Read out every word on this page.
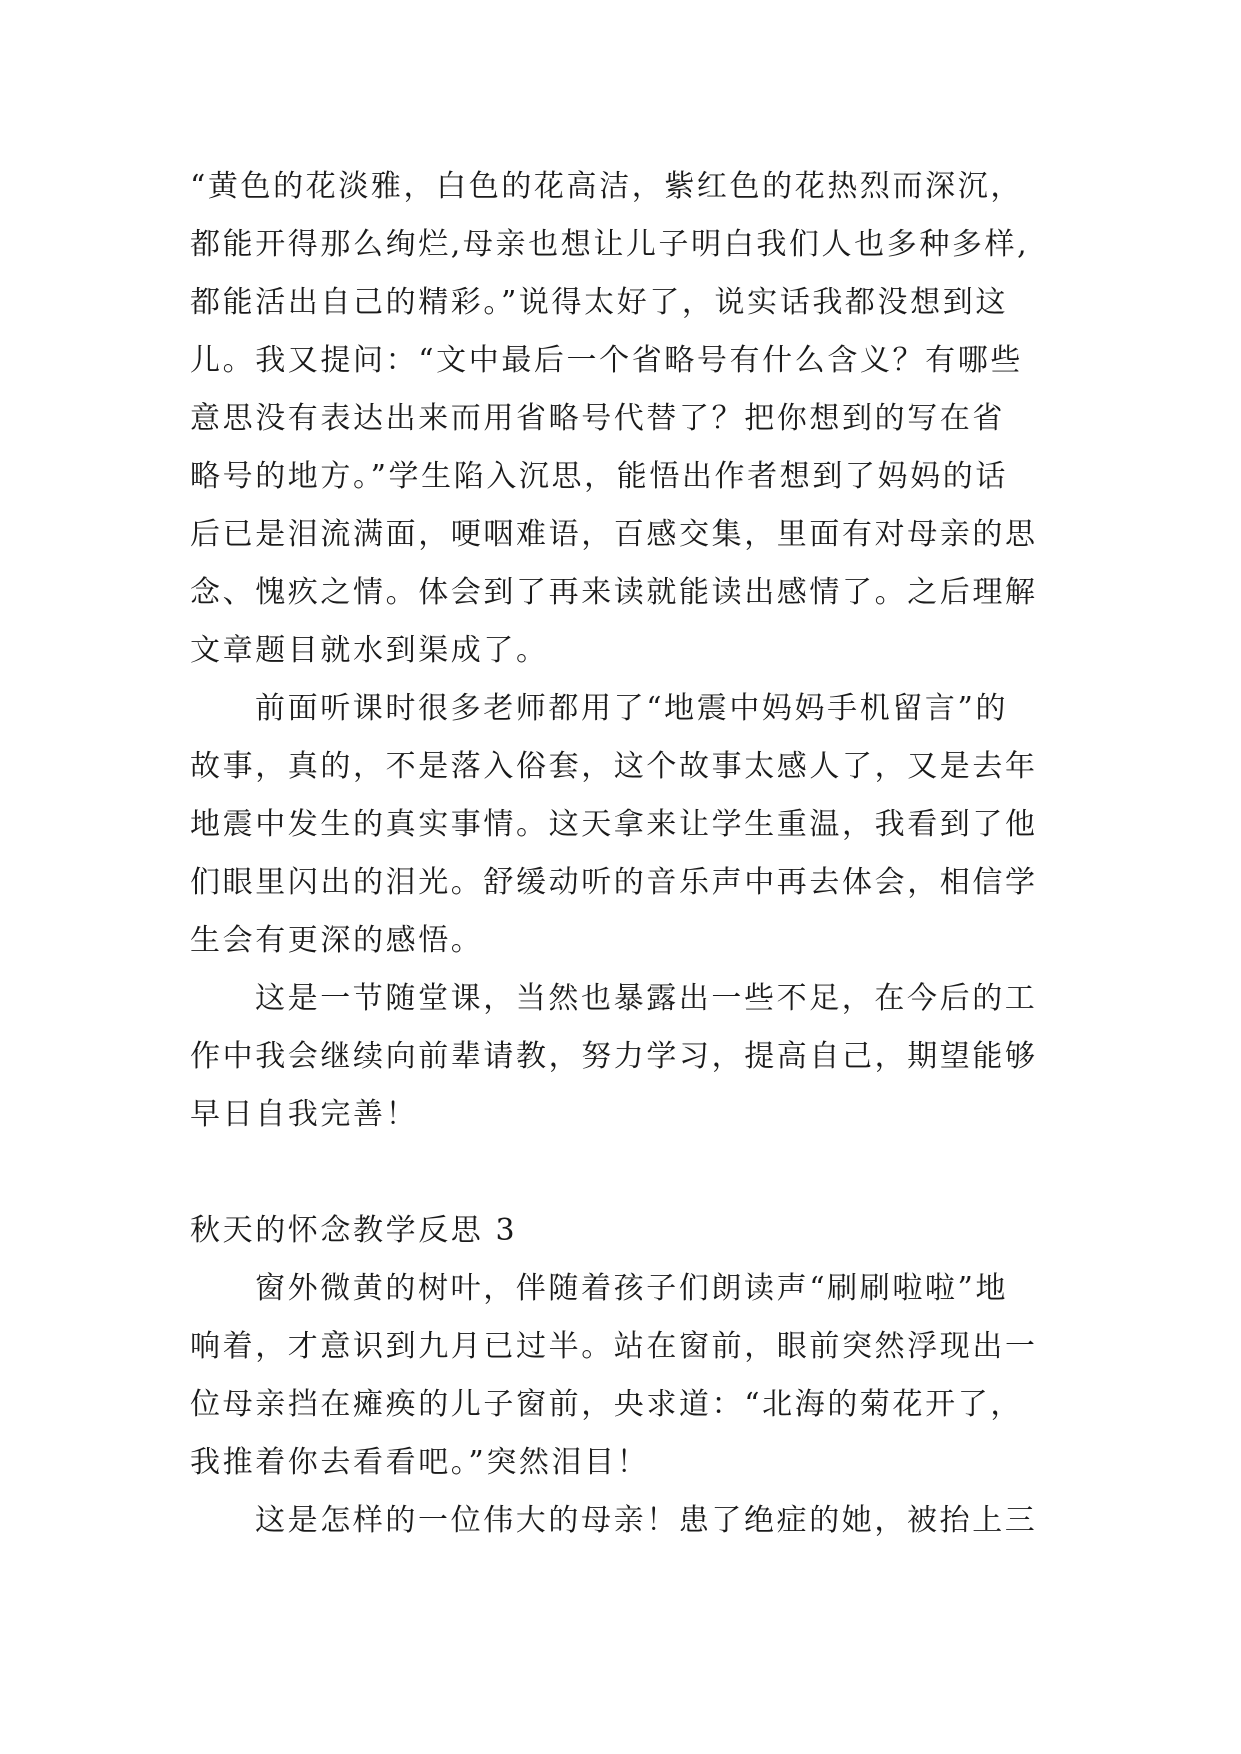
“黄色的花淡雅，白色的花高洁，紫红色的花热烈而深沉，
都能开得那么绚烂,母亲也想让儿子明白我们人也多种多样,
都能活出自己的精彩。”说得太好了，说实话我都没想到这
儿。我又提问：“文中最后一个省略号有什么含义？有哪些
意思没有表达出来而用省略号代替了？把你想到的写在省
略号的地方。”学生陷入沉思，能悟出作者想到了妈妈的话
后已是泪流满面，哽咽难语，百感交集，里面有对母亲的思
念、愧疚之情。体会到了再来读就能读出感情了。之后理解
文章题目就水到渠成了。
前面听课时很多老师都用了“地震中妈妈手机留言”的
故事，真的，不是落入俗套，这个故事太感人了，又是去年
地震中发生的真实事情。这天拿来让学生重温，我看到了他
们眼里闪出的泪光。舒缓动听的音乐声中再去体会，相信学
生会有更深的感悟。
这是一节随堂课，当然也暴露出一些不足，在今后的工
作中我会继续向前辈请教，努力学习，提高自己，期望能够
早日自我完善！
秋天的怀念教学反思 3
窗外微黄的树叶，伴随着孩子们朗读声“刷刷啦啦”地
响着，才意识到九月已过半。站在窗前，眼前突然浮现出一
位母亲挡在瘫痪的儿子窗前，央求道：“北海的菊花开了，
我推着你去看看吧。”突然泪目！
这是怎样的一位伟大的母亲！患了绝症的她，被抬上三
